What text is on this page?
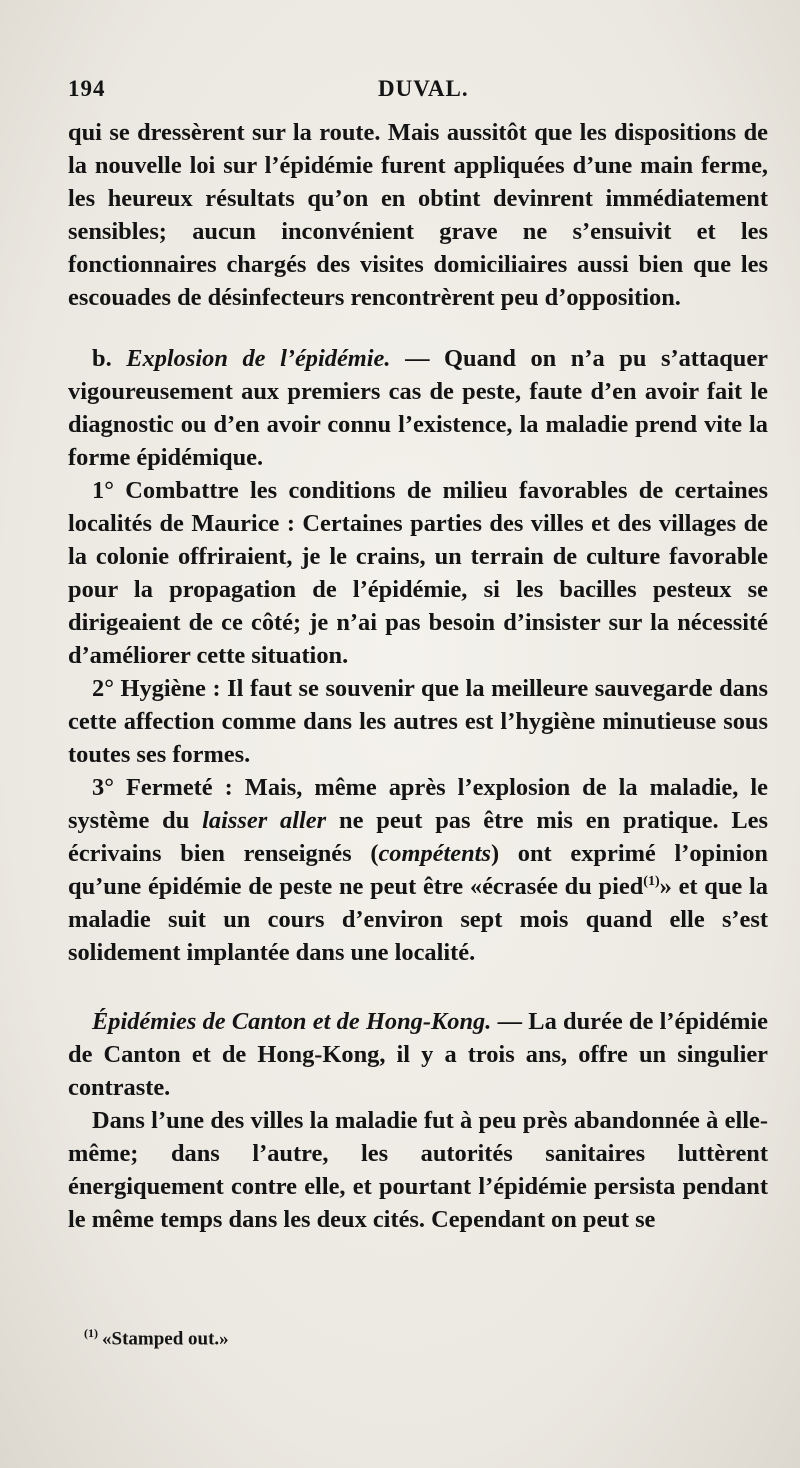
194	DUVAL.

qui se dressèrent sur la route. Mais aussitôt que les dispositions de la nouvelle loi sur l’épidémie furent appliquées d’une main ferme, les heureux résultats qu’on en obtint devinrent immédiatement sensibles; aucun inconvénient grave ne s’ensuivit et les fonctionnaires chargés des visites domiciliaires aussi bien que les escouades de désinfecteurs rencontrèrent peu d’opposition.

b. Explosion de l’épidémie. — Quand on n’a pu s’attaquer vigoureusement aux premiers cas de peste, faute d’en avoir fait le diagnostic ou d’en avoir connu l’existence, la maladie prend vite la forme épidémique.

1° Combattre les conditions de milieu favorables de certaines localités de Maurice : Certaines parties des villes et des villages de la colonie offriraient, je le crains, un terrain de culture favorable pour la propagation de l’épidémie, si les bacilles pesteux se dirigeaient de ce côté; je n’ai pas besoin d’insister sur la nécessité d’améliorer cette situation.

2° Hygiène : Il faut se souvenir que la meilleure sauvegarde dans cette affection comme dans les autres est l’hygiène minutieuse sous toutes ses formes.

3° Fermeté : Mais, même après l’explosion de la maladie, le système du laisser aller ne peut pas être mis en pratique. Les écrivains bien renseignés (compétents) ont exprimé l’opinion qu’une épidémie de peste ne peut être «écrasée du pied$^{(1)}$» et que la maladie suit un cours d’environ sept mois quand elle s’est solidement implantée dans une localité.

Épidémies de Canton et de Hong-Kong. — La durée de l’épidémie de Canton et de Hong-Kong, il y a trois ans, offre un singulier contraste.

Dans l’une des villes la maladie fut à peu près abandonnée à elle-même; dans l’autre, les autorités sanitaires luttèrent énergiquement contre elle, et pourtant l’épidémie persista pendant le même temps dans les deux cités. Cependant on peut se

$^{(1)}$ «Stamped out.»
